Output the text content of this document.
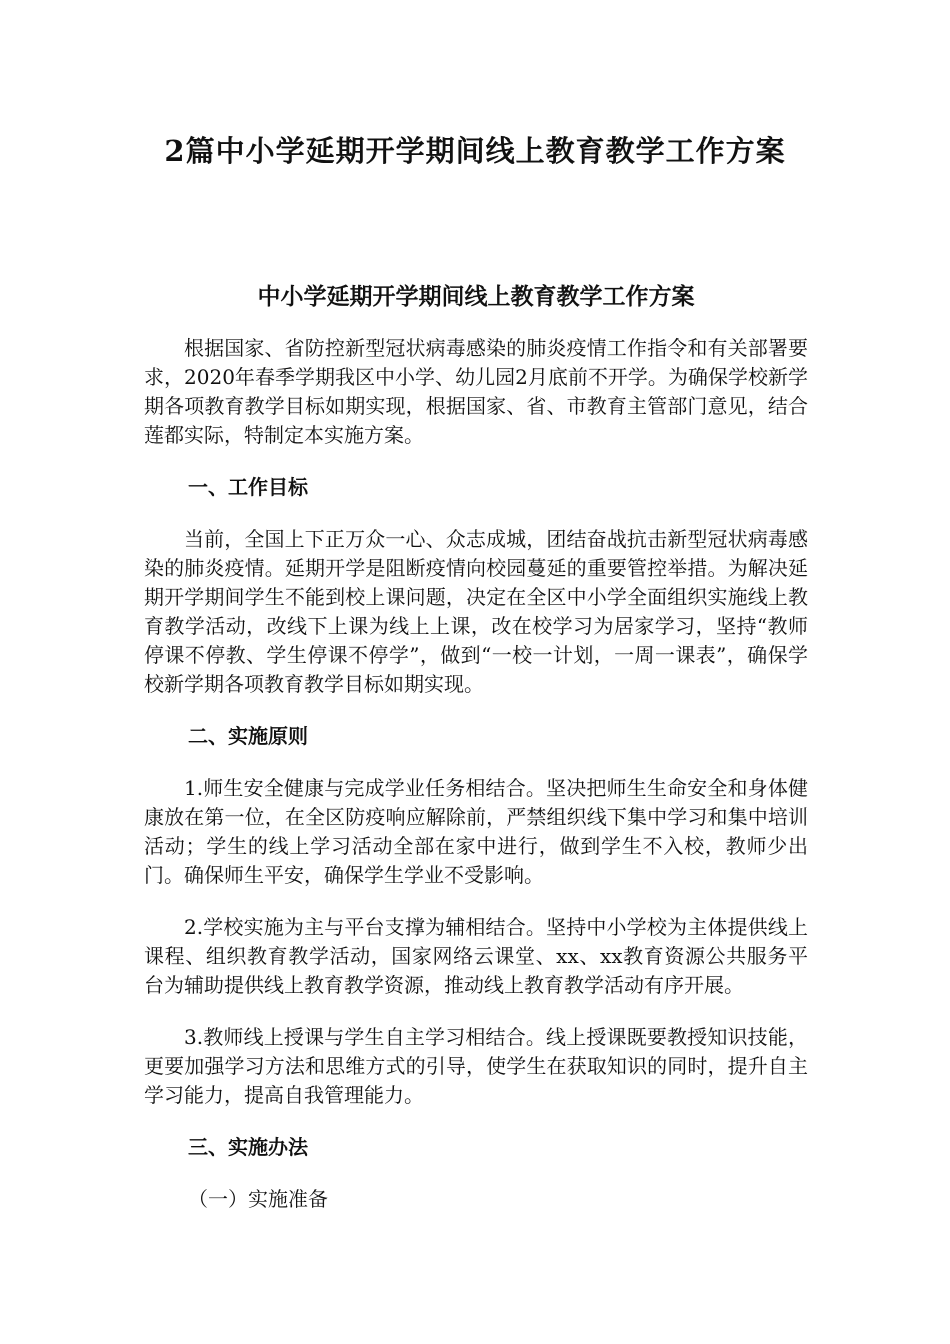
2篇中小学延期开学期间线上教育教学工作方案
中小学延期开学期间线上教育教学工作方案

根据国家、省防控新型冠状病毒感染的肺炎疫情工作指令和有关部署要求，2020年春季学期我区中小学、幼儿园2月底前不开学。为确保学校新学期各项教育教学目标如期实现，根据国家、省、市教育主管部门意见，结合莲都实际，特制定本实施方案。

一、工作目标

当前，全国上下正万众一心、众志成城，团结奋战抗击新型冠状病毒感染的肺炎疫情。延期开学是阻断疫情向校园蔓延的重要管控举措。为解决延期开学期间学生不能到校上课问题，决定在全区中小学全面组织实施线上教育教学活动，改线下上课为线上上课，改在校学习为居家学习，坚持“教师停课不停教、学生停课不停学”，做到“一校一计划，一周一课表”，确保学校新学期各项教育教学目标如期实现。

二、实施原则

1.师生安全健康与完成学业任务相结合。坚决把师生生命安全和身体健康放在第一位，在全区防疫响应解除前，严禁组织线下集中学习和集中培训活动；学生的线上学习活动全部在家中进行，做到学生不入校，教师少出门。确保师生平安，确保学生学业不受影响。

2.学校实施为主与平台支撑为辅相结合。坚持中小学校为主体提供线上课程、组织教育教学活动，国家网络云课堂、xx、xx教育资源公共服务平台为辅助提供线上教育教学资源，推动线上教育教学活动有序开展。

3.教师线上授课与学生自主学习相结合。线上授课既要教授知识技能，更要加强学习方法和思维方式的引导，使学生在获取知识的同时，提升自主学习能力，提高自我管理能力。

三、实施办法

（一）实施准备
